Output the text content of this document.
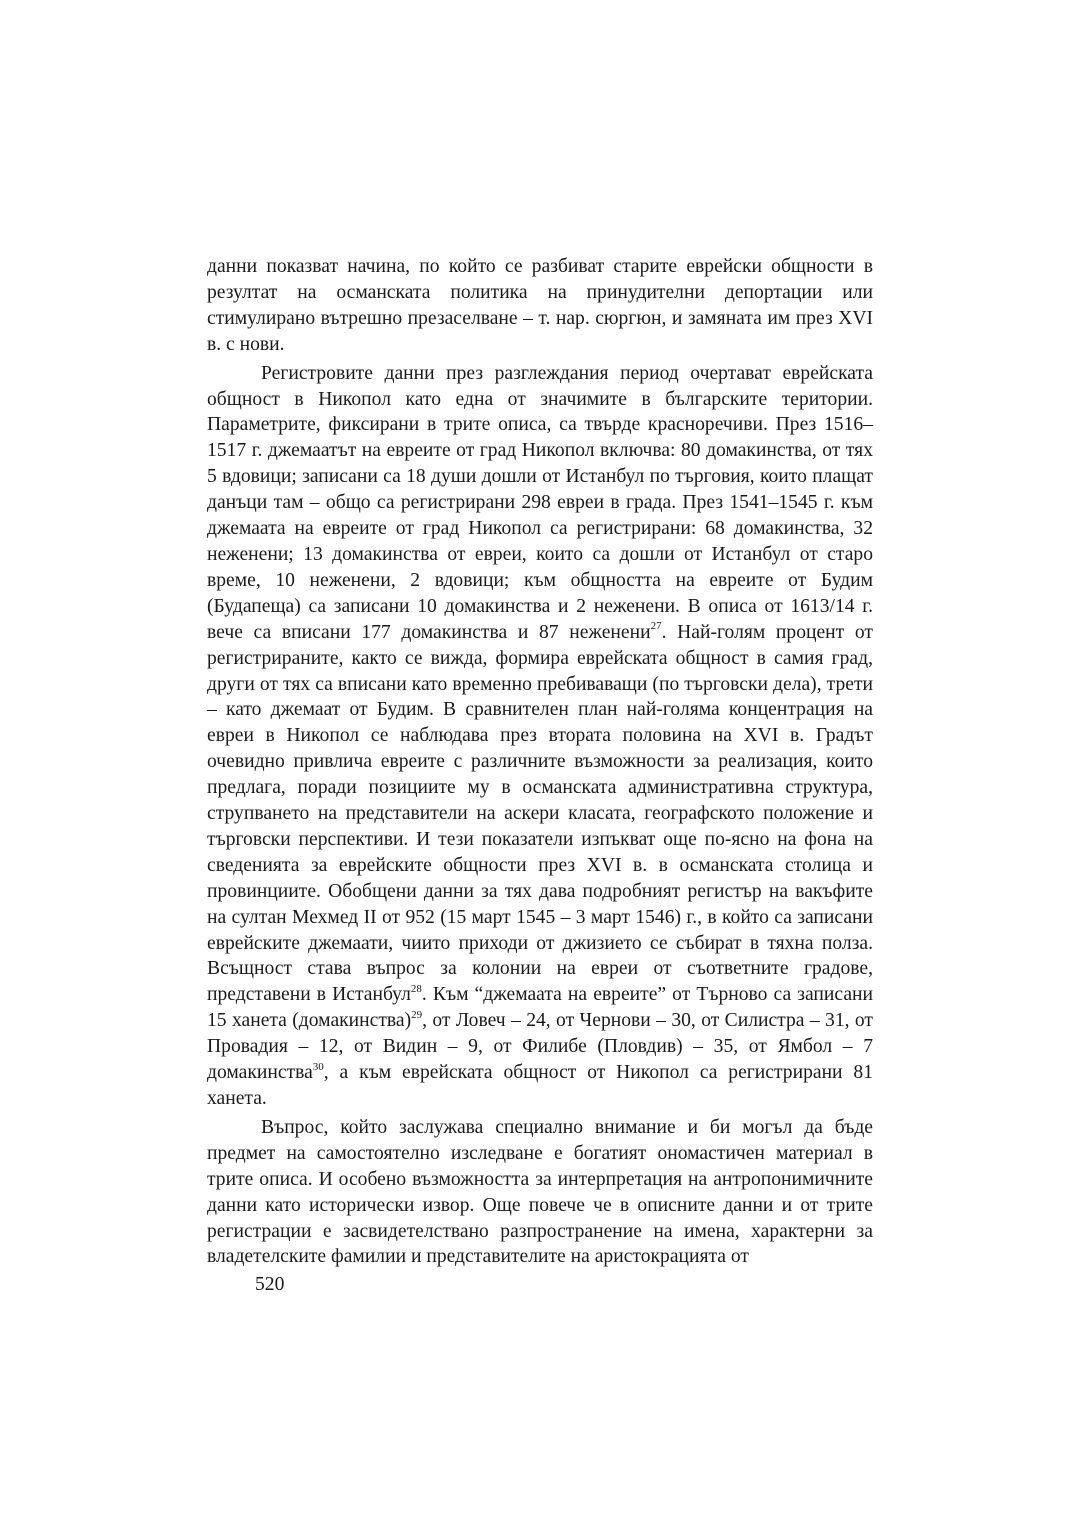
данни показват начина, по който се разбиват старите еврейски общности в резултат на османската политика на принудителни депортации или стимулирано вътрешно презаселване – т. нар. сюргюн, и замяната им през XVI в. с нови.

Регистровите данни през разглеждания период очертават еврейската общност в Никопол като една от значимите в българските територии. Параметрите, фиксирани в трите описа, са твърде красноречиви. През 1516–1517 г. джемаатът на евреите от град Никопол включва: 80 домакинства, от тях 5 вдовици; записани са 18 души дошли от Истанбул по търговия, които плащат данъци там – общо са регистрирани 298 евреи в града. През 1541–1545 г. към джемаата на евреите от град Никопол са регистрирани: 68 домакинства, 32 неженени; 13 домакинства от евреи, които са дошли от Истанбул от старо време, 10 неженени, 2 вдовици; към общността на евреите от Будим (Будапеща) са записани 10 домакинства и 2 неженени. В описа от 1613/14 г. вече са вписани 177 домакинства и 87 неженени$^{27}$. Най-голям процент от регистрираните, както се вижда, формира еврейската общност в самия град, други от тях са вписани като временно пребиваващи (по търговски дела), трети – като джемаат от Будим. В сравнителен план най-голяма концентрация на евреи в Никопол се наблюдава през втората половина на XVI в. Градът очевидно привлича евреите с различните възможности за реализация, които предлага, поради позициите му в османската административна структура, струпването на представители на аскери класата, географското положение и търговски перспективи. И тези показатели изпъкват още по-ясно на фона на сведенията за еврейските общности през XVI в. в османската столица и провинциите. Обобщени данни за тях дава подробният регистър на вакъфите на султан Мехмед II от 952 (15 март 1545 – 3 март 1546) г., в който са записани еврейските джемаати, чиито приходи от джизието се събират в тяхна полза. Всъщност става въпрос за колонии на евреи от съответните градове, представени в Истанбул$^{28}$. Към “джемаата на евреите” от Търново са записани 15 ханета (домакинства)$^{29}$, от Ловеч – 24, от Чернови – 30, от Силистра – 31, от Провадия – 12, от Видин – 9, от Филибе (Пловдив) – 35, от Ямбол – 7 домакинства$^{30}$, а към еврейската общност от Никопол са регистрирани 81 ханета.

Въпрос, който заслужава специално внимание и би могъл да бъде предмет на самостоятелно изследване е богатият ономастичен материал в трите описа. И особено възможността за интерпретация на антропонимичните данни като исторически извор. Още повече че в описните данни и от трите регистрации е засвидетелствано разпространение на имена, характерни за владетелските фамилии и представителите на аристокрацията от

520
